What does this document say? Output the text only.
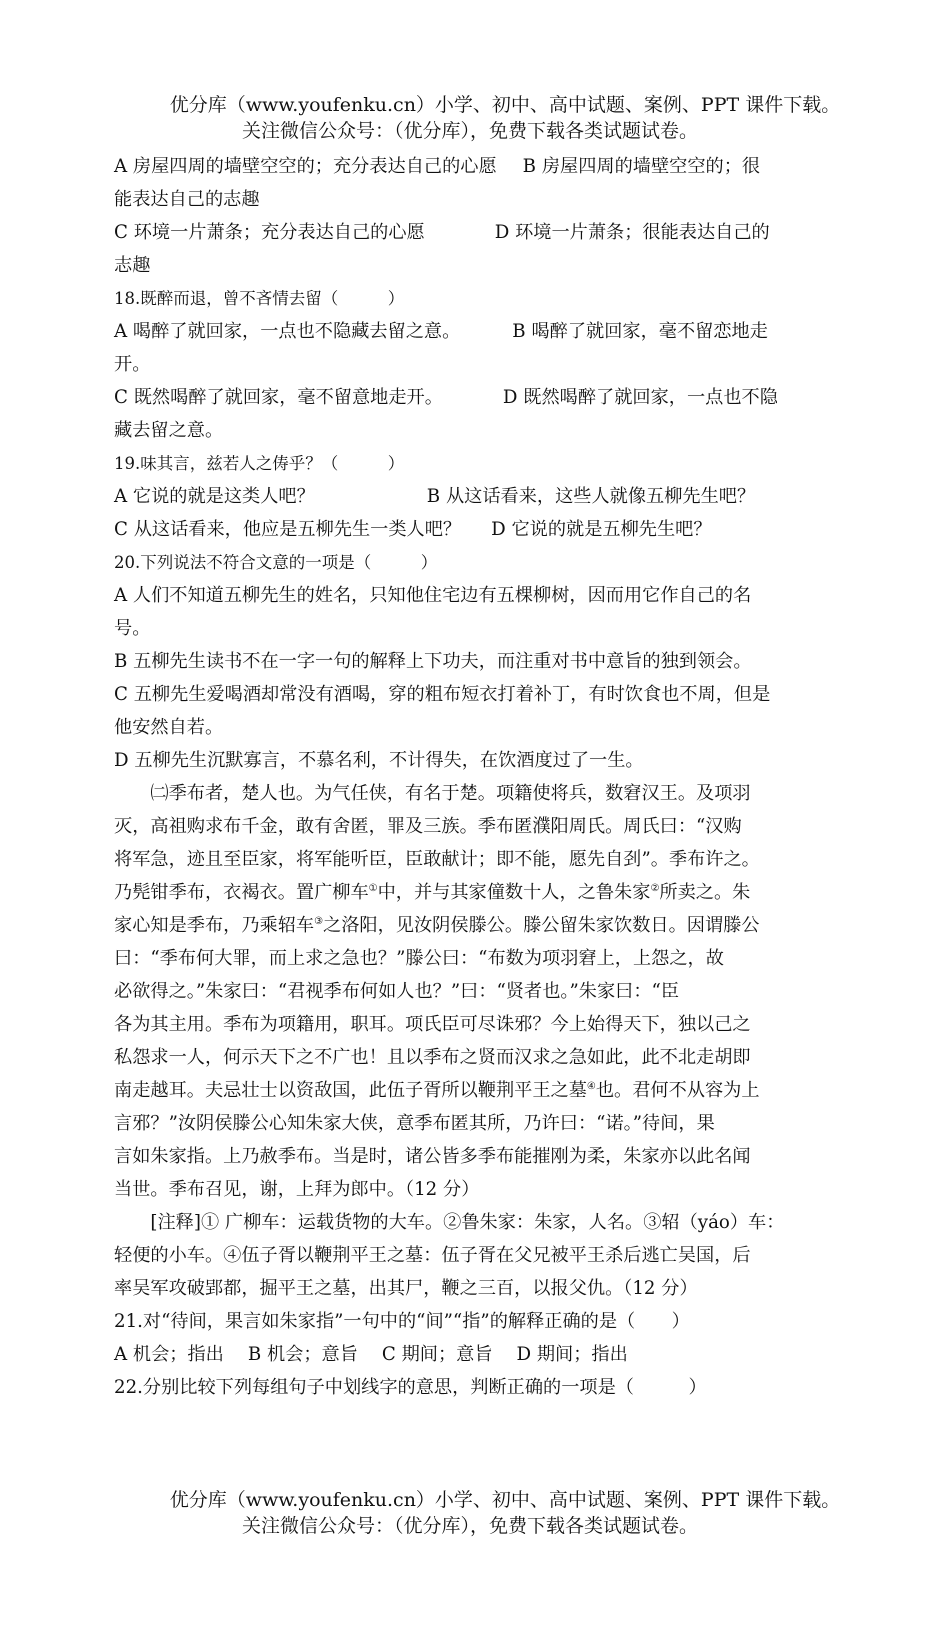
优分库（www.youfenku.cn）小学、初中、高中试题、案例、PPT 课件下载。
关注微信公众号：（优分库），免费下载各类试题试卷。

A 房屋四周的墙壁空空的；充分表达自己的心愿 B 房屋四周的墙壁空空的；很

能表达自己的志趣

C 环境一片萧条；充分表达自己的心愿	D 环境一片萧条；很能表达自己的

志趣

18.既醉而退，曾不吝情去留（　　　）

A 喝醉了就回家，一点也不隐藏去留之意。	B 喝醉了就回家，毫不留恋地走

开。

C 既然喝醉了就回家，毫不留意地走开。	D 既然喝醉了就回家，一点也不隐

藏去留之意。

19.味其言，兹若人之俦乎？（　　　）

A 它说的就是这类人吧？	B 从这话看来，这些人就像五柳先生吧？

C 从这话看来，他应是五柳先生一类人吧？ D 它说的就是五柳先生吧？

20.下列说法不符合文意的一项是（　　　）

A 人们不知道五柳先生的姓名，只知他住宅边有五棵柳树，因而用它作自己的名

号。

B 五柳先生读书不在一字一句的解释上下功夫，而注重对书中意旨的独到领会。

C 五柳先生爱喝酒却常没有酒喝，穿的粗布短衣打着补丁，有时饮食也不周，但是

他安然自若。

D 五柳先生沉默寡言，不慕名利，不计得失，在饮酒度过了一生。

㈡季布者，楚人也。为气任侠，有名于楚。项籍使将兵，数窘汉王。及项羽

灭，高祖购求布千金，敢有舍匿，罪及三族。季布匿濮阳周氏。周氏曰：“汉购

将军急，迹且至臣家，将军能听臣，臣敢献计；即不能，愿先自刭”。季布许之。

乃髡钳季布，衣褐衣。置广柳车①中，并与其家僮数十人，之鲁朱家②所卖之。朱

家心知是季布，乃乘轺车③之洛阳，见汝阴侯滕公。滕公留朱家饮数日。因谓滕公

曰：“季布何大罪，而上求之急也？”滕公曰：“布数为项羽窘上，上怨之，故

必欲得之。”朱家曰：“君视季布何如人也？”曰：“贤者也。”朱家曰：“臣

各为其主用。季布为项籍用，职耳。项氏臣可尽诛邪？今上始得天下，独以己之

私怨求一人，何示天下之不广也！且以季布之贤而汉求之急如此，此不北走胡即

南走越耳。夫忌壮士以资敌国，此伍子胥所以鞭荆平王之墓④也。君何不从容为上

言邪？”汝阴侯滕公心知朱家大侠，意季布匿其所，乃许曰：“诺。”待间，果

言如朱家指。上乃赦季布。当是时，诸公皆多季布能摧刚为柔，朱家亦以此名闻

当世。季布召见，谢，上拜为郎中。（12 分）

[注释]① 广柳车：运载货物的大车。②鲁朱家：朱家，人名。③轺（yáo）车：

轻便的小车。④伍子胥以鞭荆平王之墓：伍子胥在父兄被平王杀后逃亡吴国，后

率吴军攻破郢都，掘平王之墓，出其尸，鞭之三百，以报父仇。（12 分）

21.对“待间，果言如朱家指”一句中的“间”“指”的解释正确的是（　　）

A 机会；指出　 B 机会；意旨　 C 期间；意旨　 D 期间；指出

22.分别比较下列每组句子中划线字的意思，判断正确的一项是（　　　）

优分库（www.youfenku.cn）小学、初中、高中试题、案例、PPT 课件下载。
关注微信公众号：（优分库），免费下载各类试题试卷。
